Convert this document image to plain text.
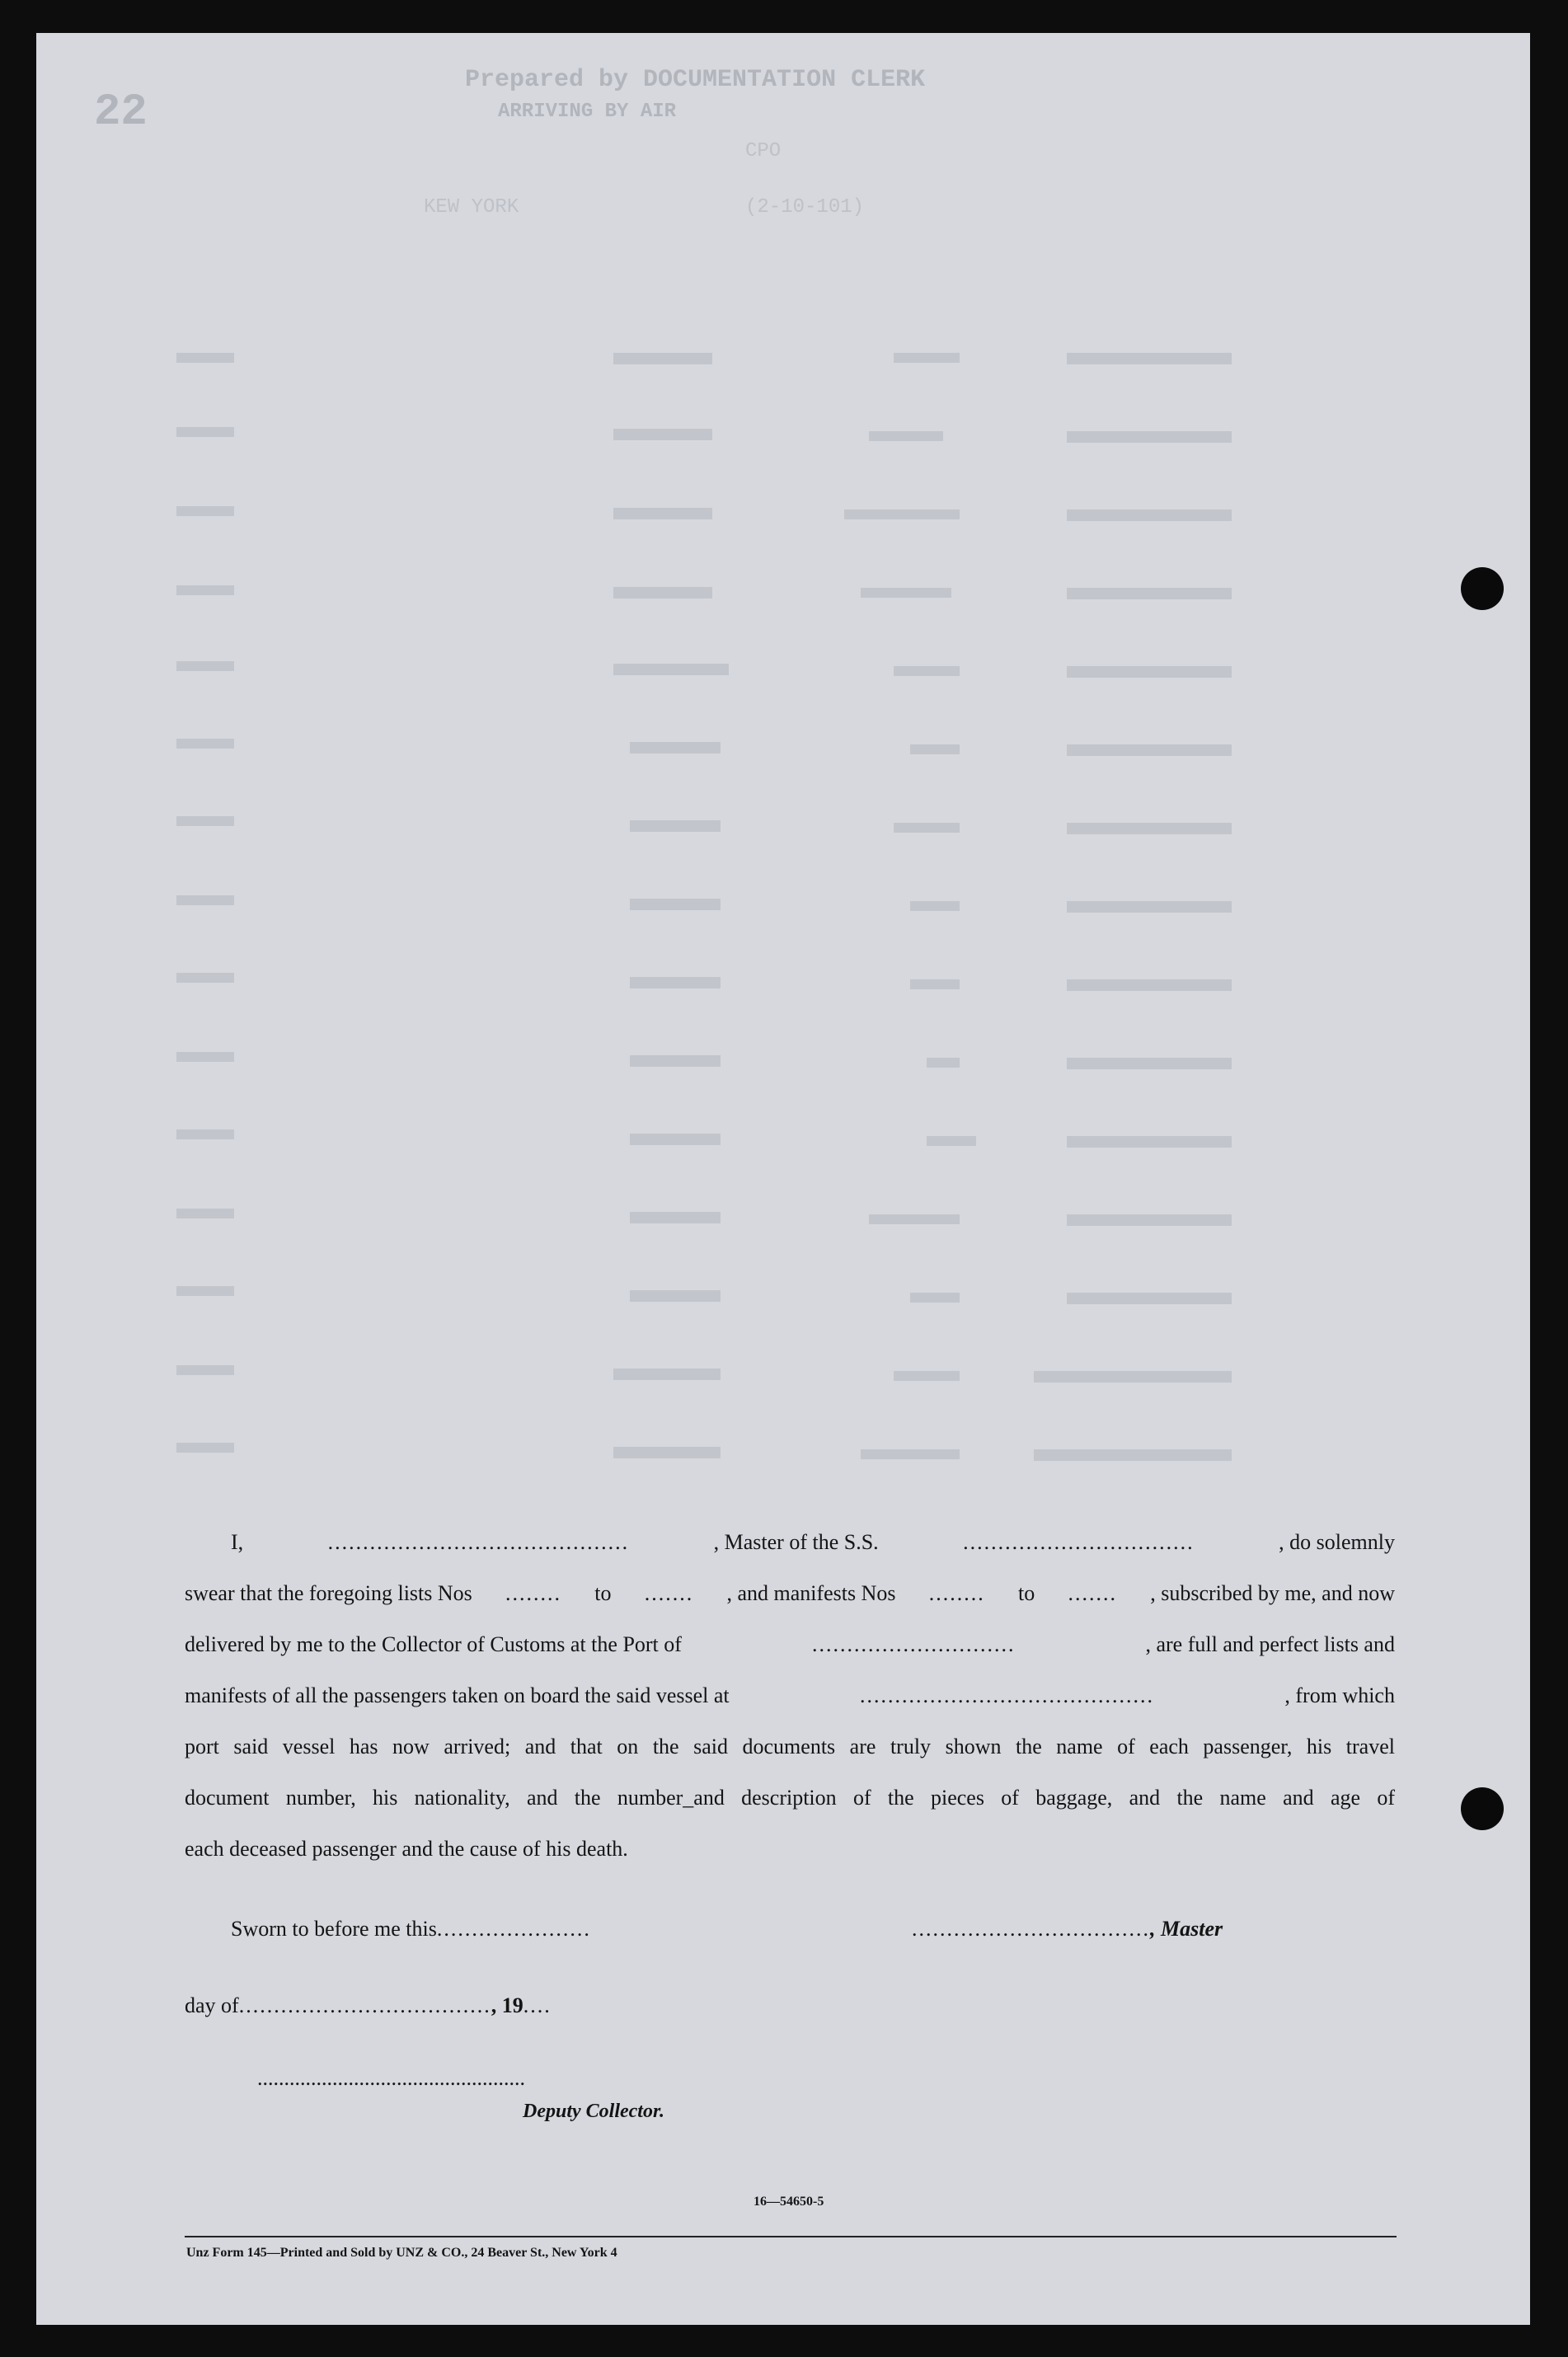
Prepared by DOCUMENTATION CLERK
ARRIVING BY AIR
CPO
KEW YORK	(2-10-101)
22
I,	...........................................	, Master of the S.S.	.................................	, do solemnly
swear that the foregoing lists Nos ........ to ....... , and manifests Nos ........ to ....... , subscribed by me, and now
delivered by me to the Collector of Customs at the Port of	.............................	, are full and perfect lists and
manifests of all the passengers taken on board the said vessel at	..........................................	, from which
port said vessel has now arrived; and that on the said documents are truly shown the name of each passenger, his travel
document number, his nationality, and the number_and description of the pieces of baggage, and the name and age of
each deceased passenger and the cause of his death.
Sworn to before me this......................	.................................., Master
day of...................................., 19....
..................................................
Deputy Collector.
16—54650-5
Unz Form 145—Printed and Sold by UNZ & CO., 24 Beaver St., New York 4
